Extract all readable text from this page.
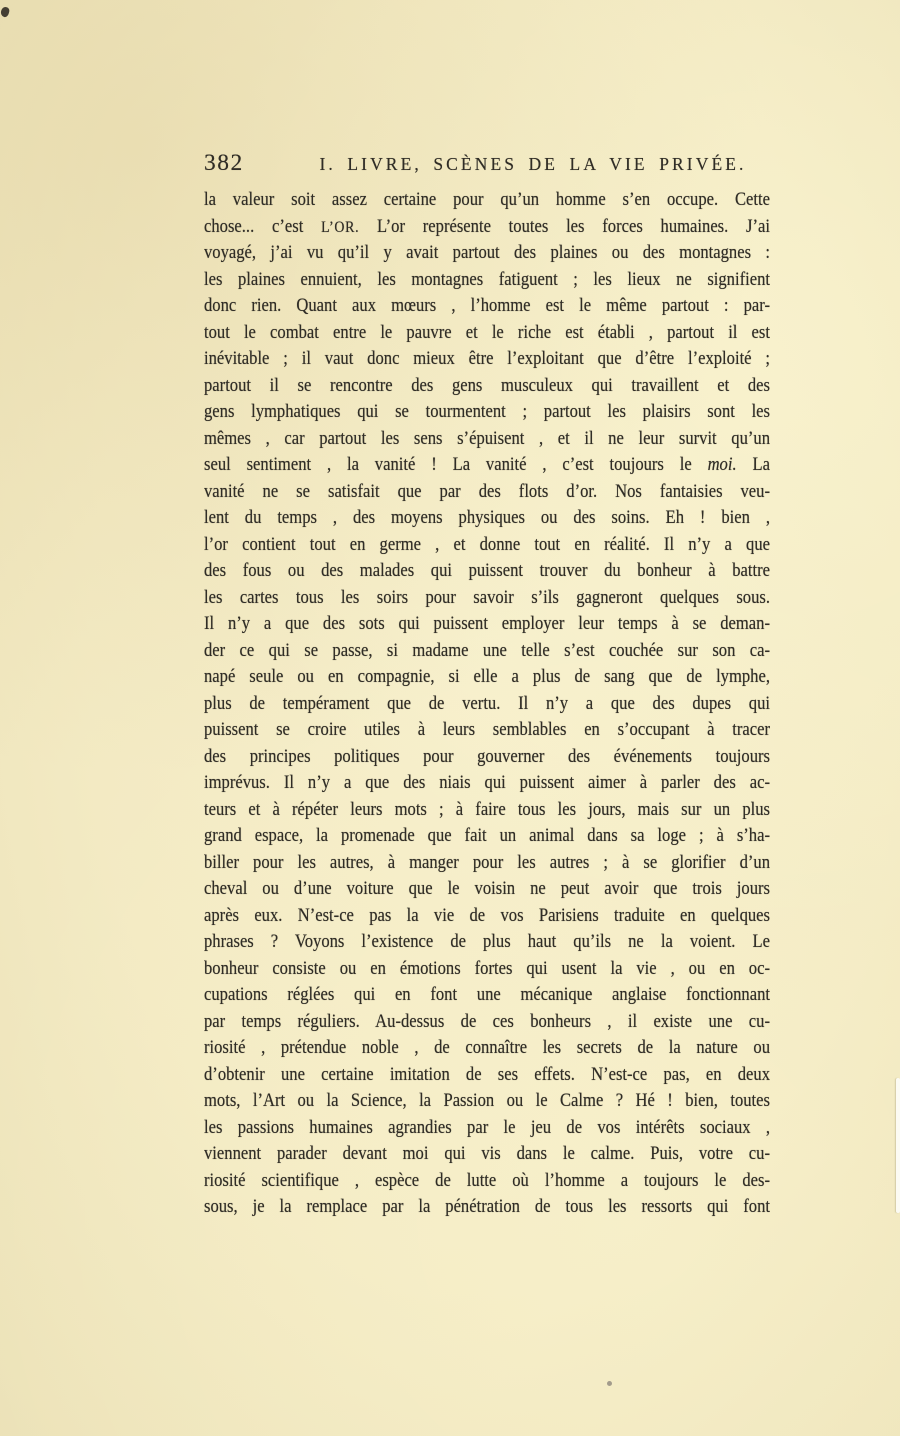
382	I. LIVRE, SCÈNES DE LA VIE PRIVÉE.
la valeur soit assez certaine pour qu’un homme s’en occupe. Cette
chose... c’est L’OR. L’or représente toutes les forces humaines. J’ai
voyagé, j’ai vu qu’il y avait partout des plaines ou des montagnes :
les plaines ennuient, les montagnes fatiguent ; les lieux ne signifient
donc rien. Quant aux mœurs , l’homme est le même partout : par-
tout le combat entre le pauvre et le riche est établi , partout il est
inévitable ; il vaut donc mieux être l’exploitant que d’être l’exploité ;
partout il se rencontre des gens musculeux qui travaillent et des
gens lymphatiques qui se tourmentent ; partout les plaisirs sont les
mêmes , car partout les sens s’épuisent , et il ne leur survit qu’un
seul sentiment , la vanité ! La vanité , c’est toujours le moi. La
vanité ne se satisfait que par des flots d’or. Nos fantaisies veu-
lent du temps , des moyens physiques ou des soins. Eh ! bien ,
l’or contient tout en germe , et donne tout en réalité. Il n’y a que
des fous ou des malades qui puissent trouver du bonheur à battre
les cartes tous les soirs pour savoir s’ils gagneront quelques sous.
Il n’y a que des sots qui puissent employer leur temps à se deman-
der ce qui se passe, si madame une telle s’est couchée sur son ca-
napé seule ou en compagnie, si elle a plus de sang que de lymphe,
plus de tempérament que de vertu. Il n’y a que des dupes qui
puissent se croire utiles à leurs semblables en s’occupant à tracer
des principes politiques pour gouverner des événements toujours
imprévus. Il n’y a que des niais qui puissent aimer à parler des ac-
teurs et à répéter leurs mots ; à faire tous les jours, mais sur un plus
grand espace, la promenade que fait un animal dans sa loge ; à s’ha-
biller pour les autres, à manger pour les autres ; à se glorifier d’un
cheval ou d’une voiture que le voisin ne peut avoir que trois jours
après eux. N’est-ce pas la vie de vos Parisiens traduite en quelques
phrases ? Voyons l’existence de plus haut qu’ils ne la voient. Le
bonheur consiste ou en émotions fortes qui usent la vie , ou en oc-
cupations réglées qui en font une mécanique anglaise fonctionnant
par temps réguliers. Au-dessus de ces bonheurs , il existe une cu-
riosité , prétendue noble , de connaître les secrets de la nature ou
d’obtenir une certaine imitation de ses effets. N’est-ce pas, en deux
mots, l’Art ou la Science, la Passion ou le Calme ? Hé ! bien, toutes
les passions humaines agrandies par le jeu de vos intérêts sociaux ,
viennent parader devant moi qui vis dans le calme. Puis, votre cu-
riosité scientifique , espèce de lutte où l’homme a toujours le des-
sous, je la remplace par la pénétration de tous les ressorts qui font
